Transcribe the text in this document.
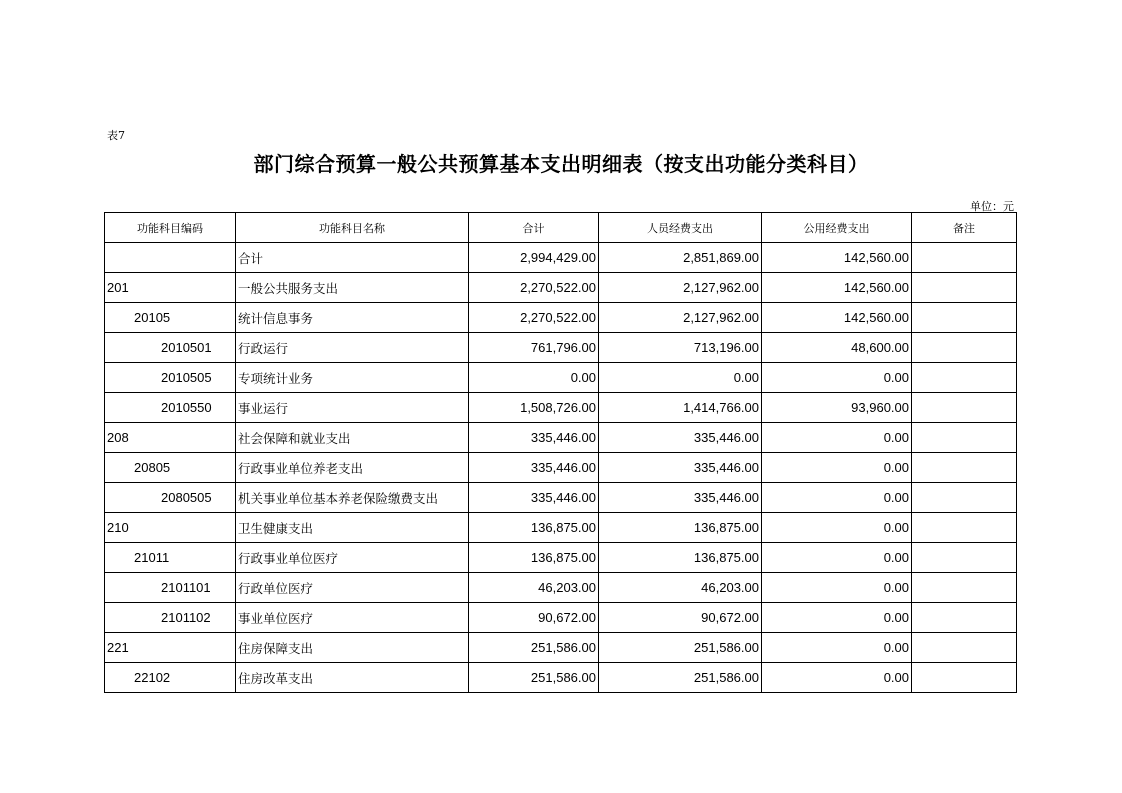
表7
部门综合预算一般公共预算基本支出明细表（按支出功能分类科目）
单位：元
功能科目编码	功能科目名称	合计	人员经费支出	公用经费支出	备注
	合计	2,994,429.00	2,851,869.00	142,560.00	
201	一般公共服务支出	2,270,522.00	2,127,962.00	142,560.00	
20105	统计信息事务	2,270,522.00	2,127,962.00	142,560.00	
2010501	行政运行	761,796.00	713,196.00	48,600.00	
2010505	专项统计业务	0.00	0.00	0.00	
2010550	事业运行	1,508,726.00	1,414,766.00	93,960.00	
208	社会保障和就业支出	335,446.00	335,446.00	0.00	
20805	行政事业单位养老支出	335,446.00	335,446.00	0.00	
2080505	机关事业单位基本养老保险缴费支出	335,446.00	335,446.00	0.00	
210	卫生健康支出	136,875.00	136,875.00	0.00	
21011	行政事业单位医疗	136,875.00	136,875.00	0.00	
2101101	行政单位医疗	46,203.00	46,203.00	0.00	
2101102	事业单位医疗	90,672.00	90,672.00	0.00	
221	住房保障支出	251,586.00	251,586.00	0.00	
22102	住房改革支出	251,586.00	251,586.00	0.00	
